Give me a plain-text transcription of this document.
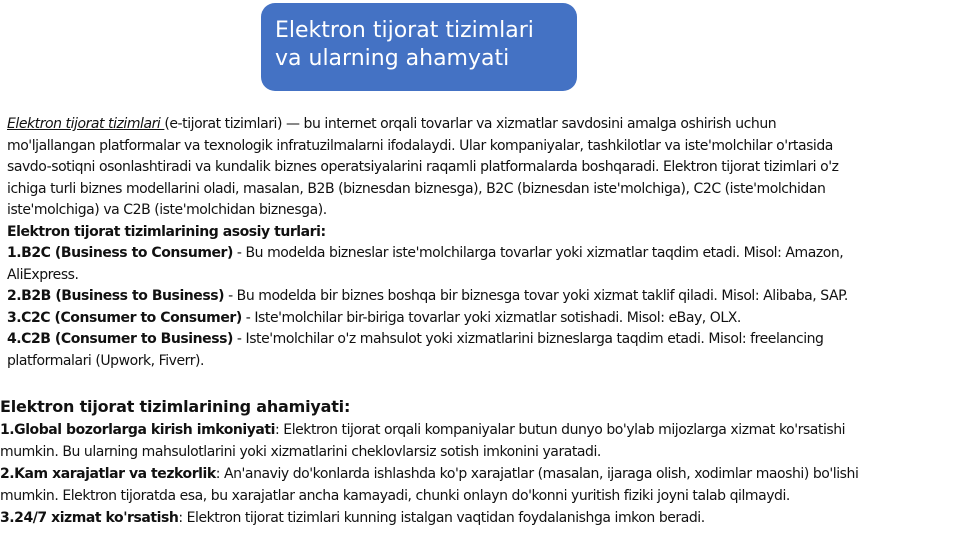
Elektron tijorat tizimlari
va ularning ahamyati
Elektron tijorat tizimlari (e-tijorat tizimlari) — bu internet orqali tovarlar va xizmatlar savdosini amalga oshirish uchun
mo'ljallangan platformalar va texnologik infratuzilmalarni ifodalaydi. Ular kompaniyalar, tashkilotlar va iste'molchilar o'rtasida
savdo-sotiqni osonlashtiradi va kundalik biznes operatsiyalarini raqamli platformalarda boshqaradi. Elektron tijorat tizimlari o'z
ichiga turli biznes modellarini oladi, masalan, B2B (biznesdan biznesga), B2C (biznesdan iste'molchiga), C2C (iste'molchidan
iste'molchiga) va C2B (iste'molchidan biznesga).
Elektron tijorat tizimlarining asosiy turlari:
1.B2C (Business to Consumer) - Bu modelda bizneslar iste'molchilarga tovarlar yoki xizmatlar taqdim etadi. Misol: Amazon,
AliExpress.
2.B2B (Business to Business) - Bu modelda bir biznes boshqa bir biznesga tovar yoki xizmat taklif qiladi. Misol: Alibaba, SAP.
3.C2C (Consumer to Consumer) - Iste'molchilar bir-biriga tovarlar yoki xizmatlar sotishadi. Misol: eBay, OLX.
4.C2B (Consumer to Business) - Iste'molchilar o'z mahsulot yoki xizmatlarini bizneslarga taqdim etadi. Misol: freelancing
platformalari (Upwork, Fiverr).
Elektron tijorat tizimlarining ahamiyati:
1.Global bozorlarga kirish imkoniyati: Elektron tijorat orqali kompaniyalar butun dunyo bo'ylab mijozlarga xizmat ko'rsatishi
mumkin. Bu ularning mahsulotlarini yoki xizmatlarini cheklovlarsiz sotish imkonini yaratadi.
2.Kam xarajatlar va tezkorlik: An'anaviy do'konlarda ishlashda ko'p xarajatlar (masalan, ijaraga olish, xodimlar maoshi) bo'lishi
mumkin. Elektron tijoratda esa, bu xarajatlar ancha kamayadi, chunki onlayn do'konni yuritish fiziki joyni talab qilmaydi.
3.24/7 xizmat ko'rsatish: Elektron tijorat tizimlari kunning istalgan vaqtidan foydalanishga imkon beradi.
